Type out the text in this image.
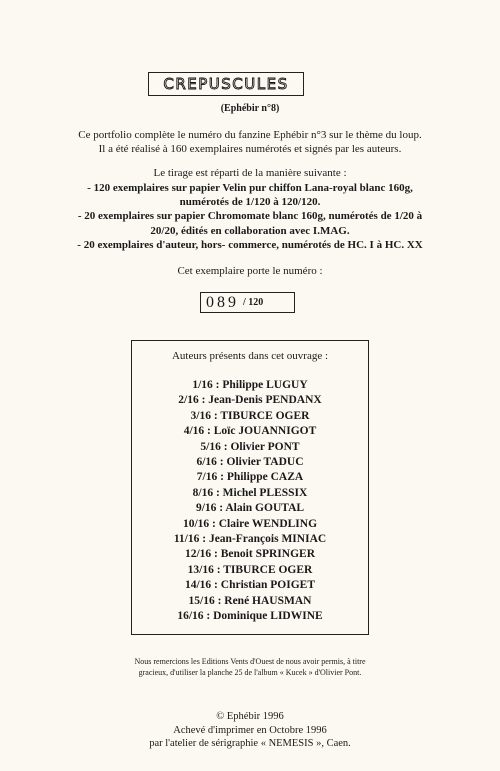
CREPUSCULES
(Ephébir n°8)
Ce portfolio complète le numéro du fanzine Ephébir n°3 sur le thème du loup.
Il a été réalisé à 160 exemplaires numérotés et signés par les auteurs.
Le tirage est réparti de la manière suivante :
- 120 exemplaires sur papier Velin pur chiffon Lana-royal blanc 160g,
numérotés de 1/120 à 120/120.
- 20 exemplaires sur papier Chromomate blanc 160g, numérotés de 1/20 à
20/20, édités en collaboration avec I.MAG.
- 20 exemplaires d'auteur, hors- commerce, numérotés de HC. I à HC. XX
Cet exemplaire porte le numéro :
089 / 120
Auteurs présents dans cet ouvrage :
1/16 : Philippe LUGUY
2/16 : Jean-Denis PENDANX
3/16 : TIBURCE OGER
4/16 : Loïc JOUANNIGOT
5/16 : Olivier PONT
6/16 : Olivier TADUC
7/16 : Philippe CAZA
8/16 : Michel PLESSIX
9/16 : Alain GOUTAL
10/16 : Claire WENDLING
11/16 : Jean-François MINIAC
12/16 : Benoit SPRINGER
13/16 : TIBURCE OGER
14/16 : Christian POIGET
15/16 : René HAUSMAN
16/16 : Dominique LIDWINE
Nous remercions les Editions Vents d'Ouest de nous avoir permis, à titre
gracieux, d'utiliser la planche 25 de l'album « Kucek » d'Olivier Pont.
© Ephébir 1996
Achevé d'imprimer en Octobre 1996
par l'atelier de sérigraphie « NEMESIS », Caen.
